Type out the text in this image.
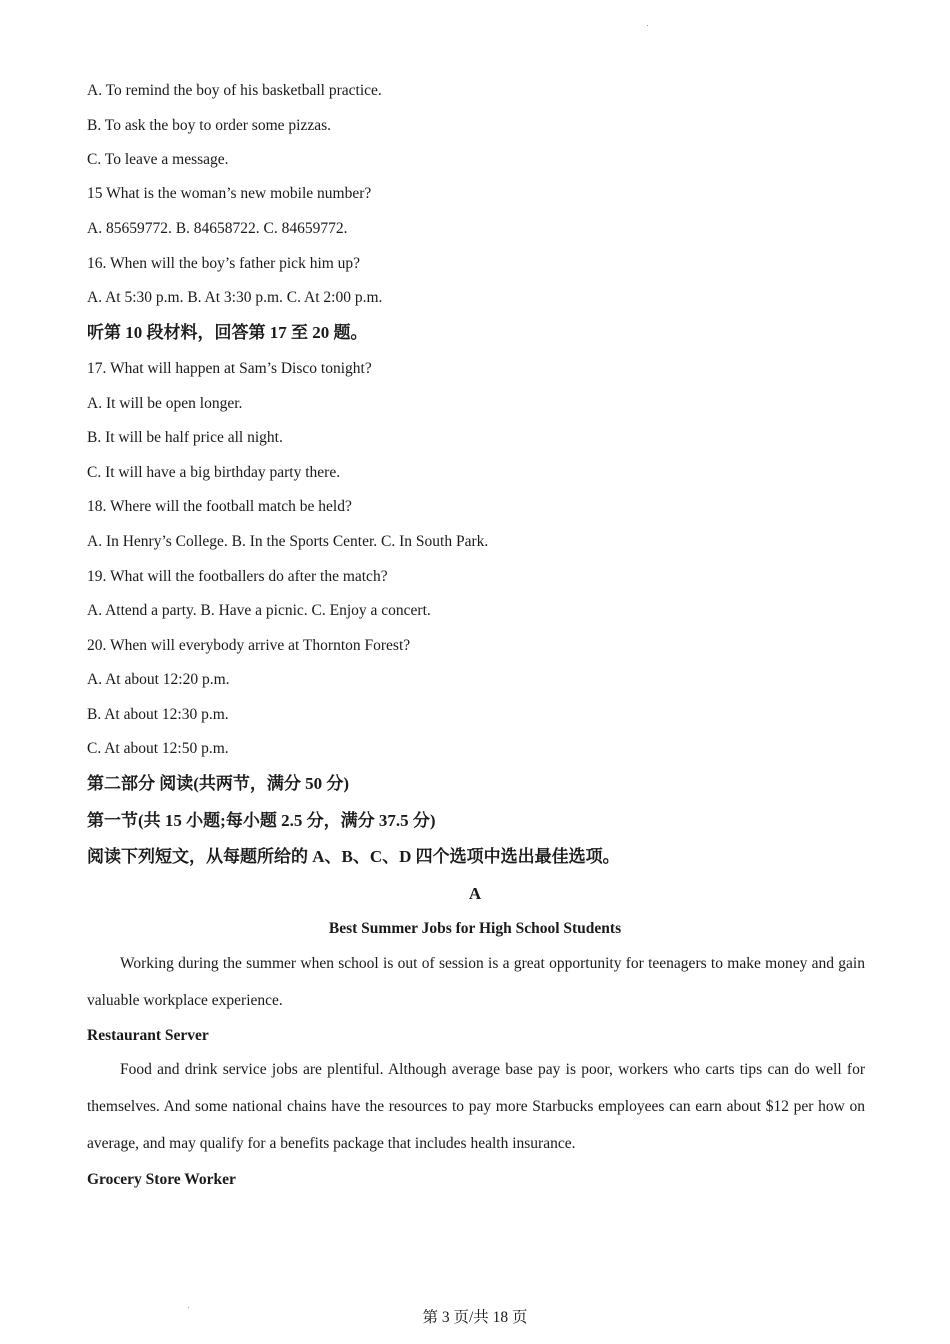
A. To remind the boy of his basketball practice.
B. To ask the boy to order some pizzas.
C. To leave a message.
15 What is the woman’s new mobile number?
A. 85659772. B. 84658722. C. 84659772.
16. When will the boy’s father pick him up?
A. At 5:30 p.m. B. At 3:30 p.m. C. At 2:00 p.m.
听第 10 段材料，回答第 17 至 20 题。
17. What will happen at Sam’s Disco tonight?
A. It will be open longer.
B. It will be half price all night.
C. It will have a big birthday party there.
18. Where will the football match be held?
A. In Henry’s College. B. In the Sports Center. C. In South Park.
19. What will the footballers do after the match?
A. Attend a party. B. Have a picnic. C. Enjoy a concert.
20. When will everybody arrive at Thornton Forest?
A. At about 12:20 p.m.
B. At about 12:30 p.m.
C. At about 12:50 p.m.
第二部分 阅读(共两节，满分 50 分)
第一节(共 15 小题;每小题 2.5 分，满分 37.5 分)
阅读下列短文，从每题所给的 A、B、C、D 四个选项中选出最佳选项。
A
Best Summer Jobs for High School Students
Working during the summer when school is out of session is a great opportunity for teenagers to make money and gain valuable workplace experience.
Restaurant Server
Food and drink service jobs are plentiful. Although average base pay is poor, workers who carts tips can do well for themselves. And some national chains have the resources to pay more Starbucks employees can earn about $12 per how on average, and may qualify for a benefits package that includes health insurance.
Grocery Store Worker
第 3 页/共 18 页
